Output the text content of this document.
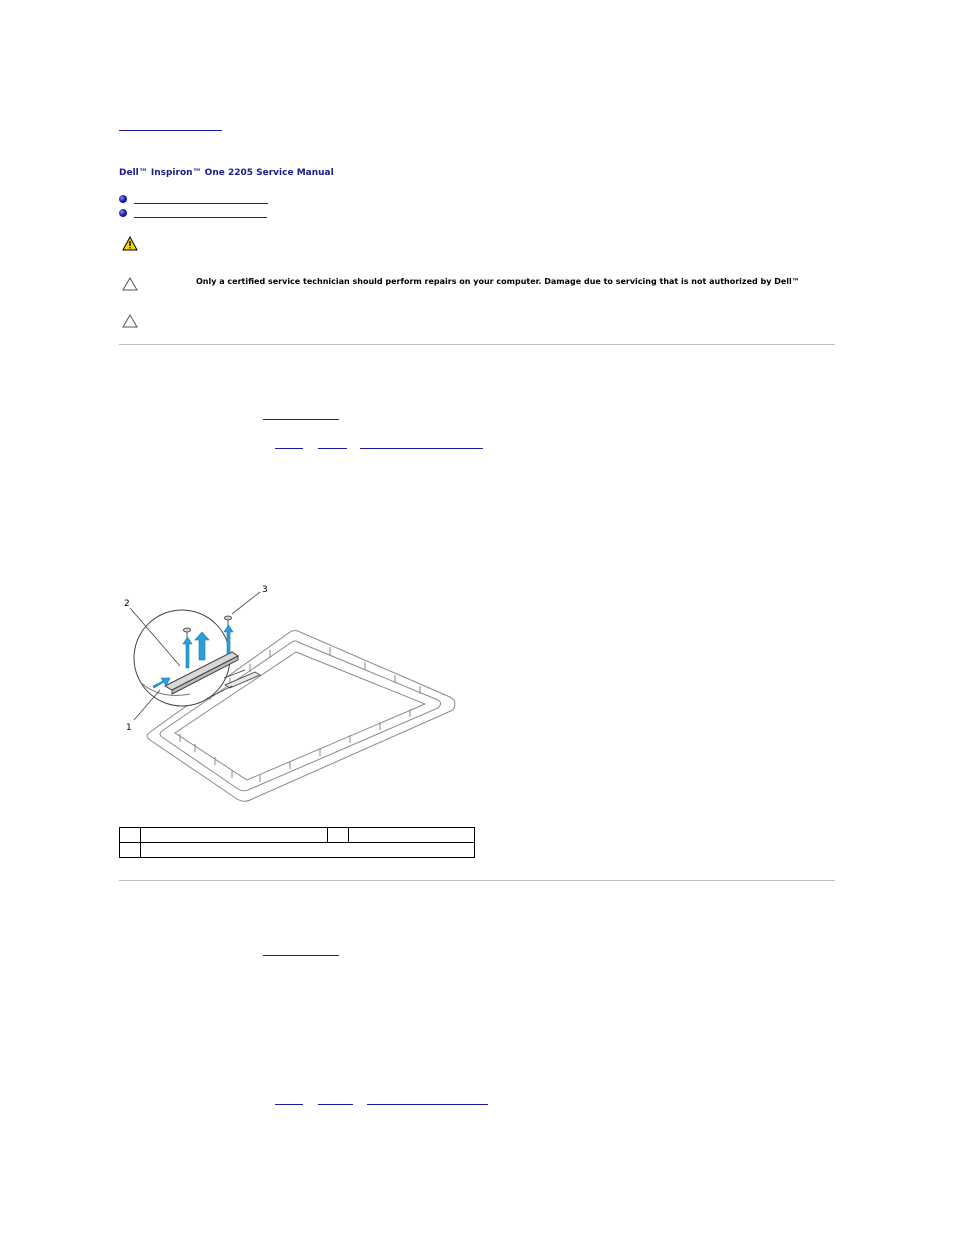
Dell™ Inspiron™ One 2205 Service Manual
Only a certified service technician should perform repairs on your computer. Damage due to servicing that is not authorized by Dell™
2
3
1
